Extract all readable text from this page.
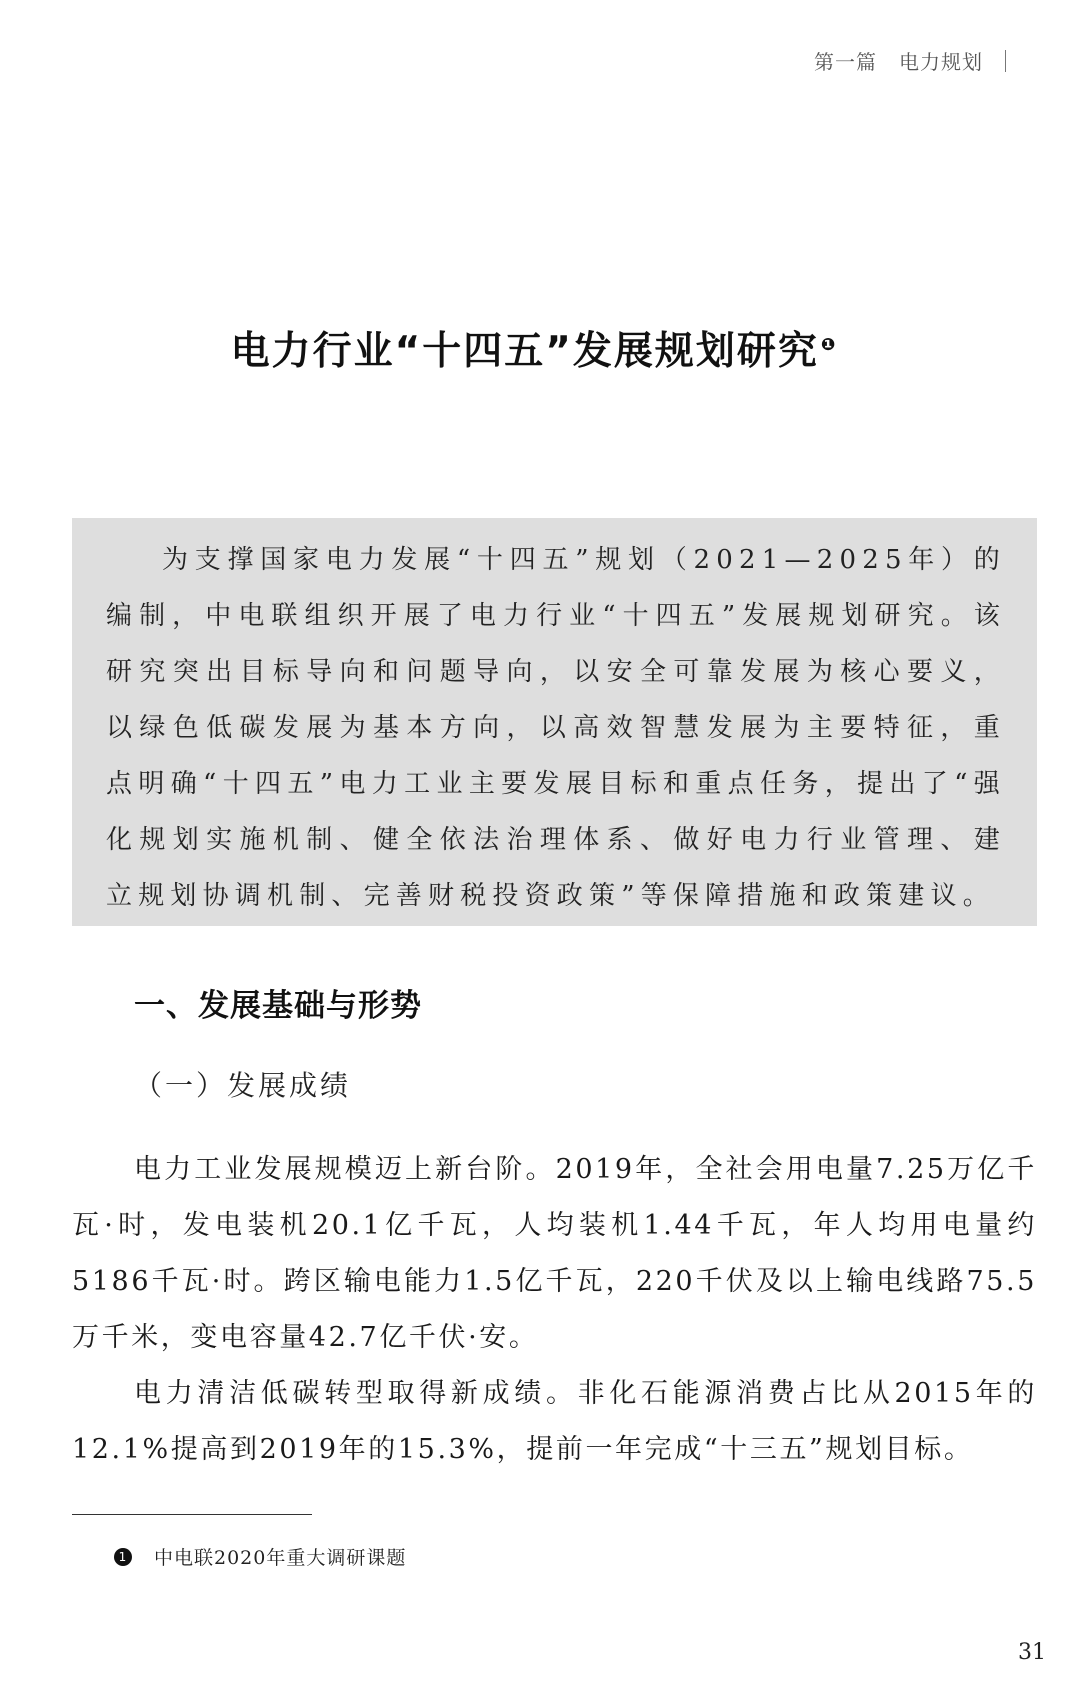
第一篇 电力规划
电力行业“十四五”发展规划研究 $^❶$

为支撑国家电力发展“十四五”规划（2021—2025年）的编制，中电联组织开展了电力行业“十四五”发展规划研究。该研究突出目标导向和问题导向，以安全可靠发展为核心要义，以绿色低碳发展为基本方向，以高效智慧发展为主要特征，重点明确“十四五”电力工业主要发展目标和重点任务，提出了“强化规划实施机制、健全依法治理体系、做好电力行业管理、建立规划协调机制、完善财税投资政策”等保障措施和政策建议。

一、发展基础与形势
（一）发展成绩

电力工业发展规模迈上新台阶。2019年，全社会用电量7.25万亿千瓦·时，发电装机20.1亿千瓦，人均装机1.44千瓦，年人均用电量约5186千瓦·时。跨区输电能力1.5亿千瓦，220千伏及以上输电线路75.5万千米，变电容量42.7亿千伏·安。

电力清洁低碳转型取得新成绩。非化石能源消费占比从2015年的12.1%提高到2019年的15.3%，提前一年完成“十三五”规划目标。

1 中电联2020年重大调研课题
31
